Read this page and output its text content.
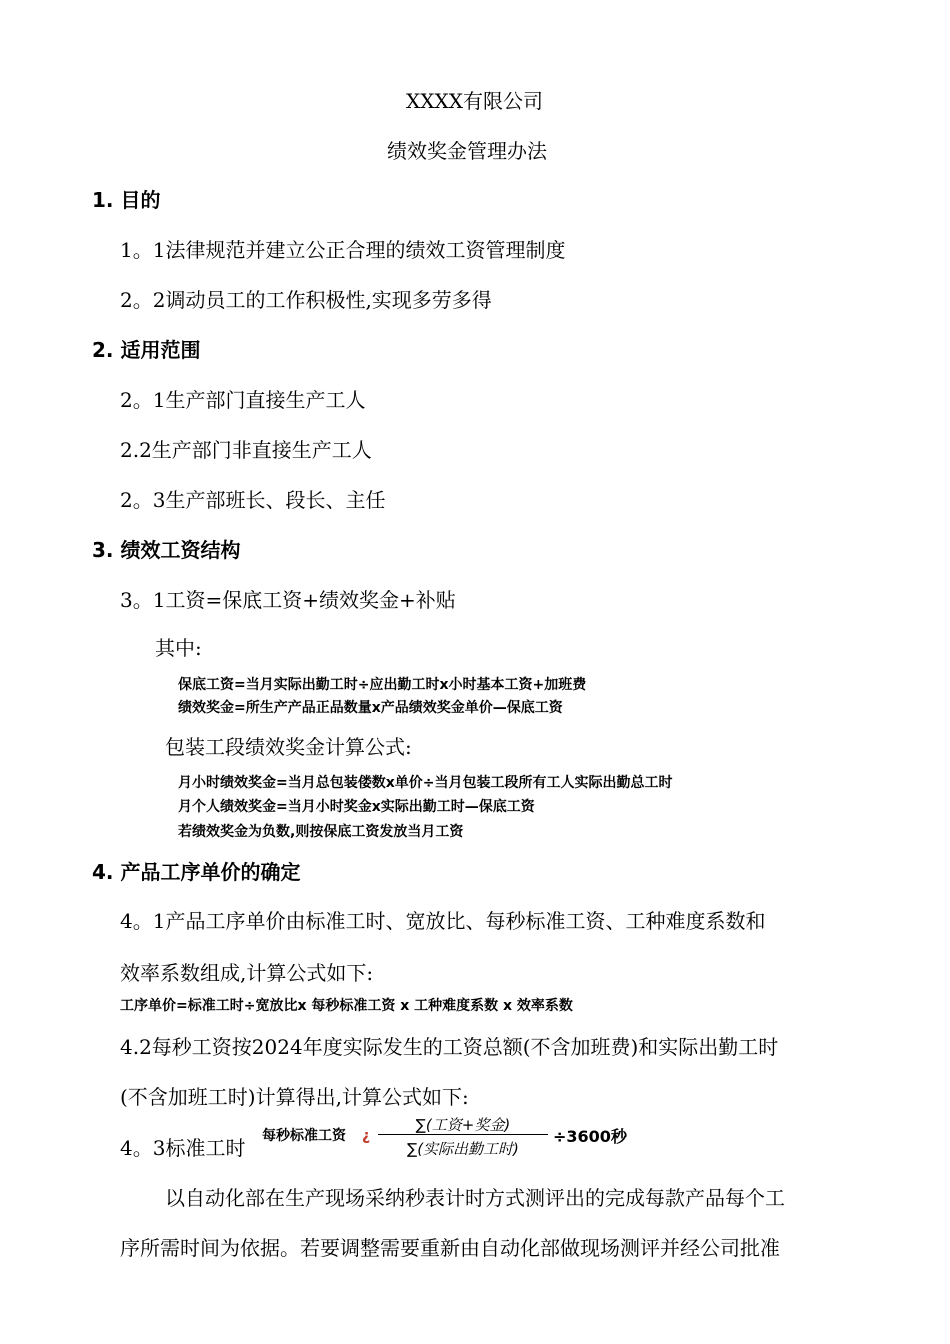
XXXX有限公司
绩效奖金管理办法
1. 目的
1。1法律规范并建立公正合理的绩效工资管理制度
2。2调动员工的工作积极性,实现多劳多得
2. 适用范围
2。1生产部门直接生产工人
2.2生产部门非直接生产工人
2。3生产部班长、段长、主任
3. 绩效工资结构
3。1工资=保底工资+绩效奖金+补贴
其中:
保底工资=当月实际出勤工时÷应出勤工时x小时基本工资+加班费
绩效奖金=所生产产品正品数量x产品绩效奖金单价—保底工资
包装工段绩效奖金计算公式:
月小时绩效奖金=当月总包装偻数x单价÷当月包装工段所有工人实际出勤总工时
月个人绩效奖金=当月小时奖金x实际出勤工时—保底工资
若绩效奖金为负数,则按保底工资发放当月工资
4. 产品工序单价的确定
4。1产品工序单价由标准工时、宽放比、每秒标准工资、工种难度系数和
效率系数组成,计算公式如下:
工序单价=标准工时÷宽放比x 每秒标准工资 x 工种难度系数 x 效率系数
4.2每秒工资按2024年度实际发生的工资总额(不含加班费)和实际出勤工时
(不含加班工时)计算得出,计算公式如下:
4。3标准工时 每秒标准工资 ¿
∑(工资+奖金)
∑(实际出勤工时)
÷3600秒
以自动化部在生产现场采纳秒表计时方式测评出的完成每款产品每个工
序所需时间为依据。若要调整需要重新由自动化部做现场测评并经公司批准
